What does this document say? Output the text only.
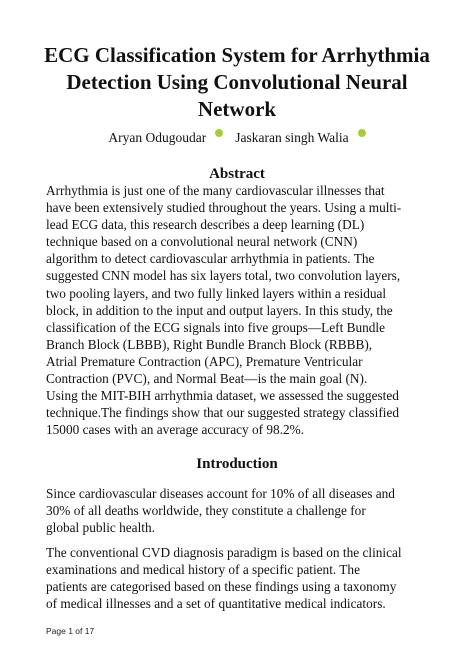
ECG Classification System for Arrhythmia
Detection Using Convolutional Neural
Network
Aryan Odugoudar Jaskaran singh Walia
Abstract

Arrhythmia is just one of the many cardiovascular illnesses that
have been extensively studied throughout the years. Using a multi-
lead ECG data, this research describes a deep learning (DL)
technique based on a convolutional neural network (CNN)
algorithm to detect cardiovascular arrhythmia in patients. The
suggested CNN model has six layers total, two convolution layers,
two pooling layers, and two fully linked layers within a residual
block, in addition to the input and output layers. In this study, the
classification of the ECG signals into five groups—Left Bundle
Branch Block (LBBB), Right Bundle Branch Block (RBBB),
Atrial Premature Contraction (APC), Premature Ventricular
Contraction (PVC), and Normal Beat—is the main goal (N).
Using the MIT-BIH arrhythmia dataset, we assessed the suggested
technique.The findings show that our suggested strategy classified
15000 cases with an average accuracy of 98.2%.

Introduction

Since cardiovascular diseases account for 10% of all diseases and
30% of all deaths worldwide, they constitute a challenge for
global public health.

The conventional CVD diagnosis paradigm is based on the clinical
examinations and medical history of a specific patient. The
patients are categorised based on these findings using a taxonomy
of medical illnesses and a set of quantitative medical indicators.

Page 1 of 17
